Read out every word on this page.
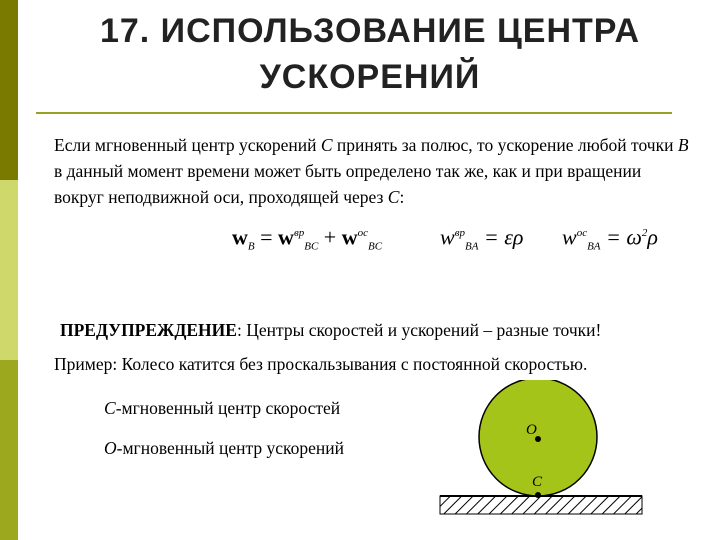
17. ИСПОЛЬЗОВАНИЕ ЦЕНТРА УСКОРЕНИЙ
Если мгновенный центр ускорений С принять за полюс, то ускорение любой точки B в данный момент времени может быть определено так же, как и при вращении вокруг неподвижной оси, проходящей через C:
$w_B = w^{вр}_{BC} + w^{ос}_{BC}$	$w^{вр}_{BA} = \varepsilon\rho$ $w^{ос}_{BA} = \omega^2\rho$
ПРЕДУПРЕЖДЕНИЕ: Центры скоростей и ускорений – разные точки!
Пример: Колесо катится без проскальзывания с постоянной скоростью.
C-мгновенный центр скоростей
O-мгновенный центр ускорений
O
C
